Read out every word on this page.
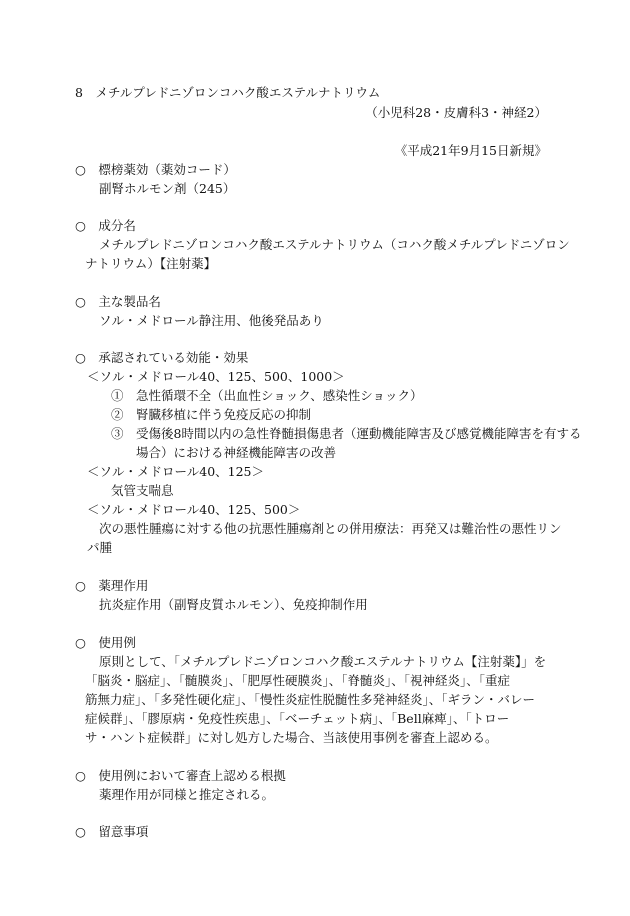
8　メチルプレドニゾロンコハク酸エステルナトリウム
（小児科28・皮膚科3・神経2）
《平成21年9月15日新規》
○　標榜薬効（薬効コード）
副腎ホルモン剤（245）
○　成分名
メチルプレドニゾロンコハク酸エステルナトリウム（コハク酸メチルプレドニゾロン
ナトリウム）【注射薬】
○　主な製品名
ソル・メドロール静注用、他後発品あり
○　承認されている効能・効果
＜ソル・メドロール40、125、500、1000＞
①　急性循環不全（出血性ショック、感染性ショック）
②　腎臓移植に伴う免疫反応の抑制
③　受傷後8時間以内の急性脊髄損傷患者（運動機能障害及び感覚機能障害を有する
場合）における神経機能障害の改善
＜ソル・メドロール40、125＞
気管支喘息
＜ソル・メドロール40、125、500＞
次の悪性腫瘍に対する他の抗悪性腫瘍剤との併用療法：再発又は難治性の悪性リン
パ腫
○　薬理作用
抗炎症作用（副腎皮質ホルモン）、免疫抑制作用
○　使用例
原則として、「メチルプレドニゾロンコハク酸エステルナトリウム【注射薬】」を
「脳炎・脳症」、「髄膜炎」、「肥厚性硬膜炎」、「脊髄炎」、「視神経炎」、「重症
筋無力症」、「多発性硬化症」、「慢性炎症性脱髄性多発神経炎」、「ギラン・バレー
症候群」、「膠原病・免疫性疾患」、「ベーチェット病」、「Bell麻痺」、「トロー
サ・ハント症候群」に対し処方した場合、当該使用事例を審査上認める。
○　使用例において審査上認める根拠
薬理作用が同様と推定される。
○　留意事項
